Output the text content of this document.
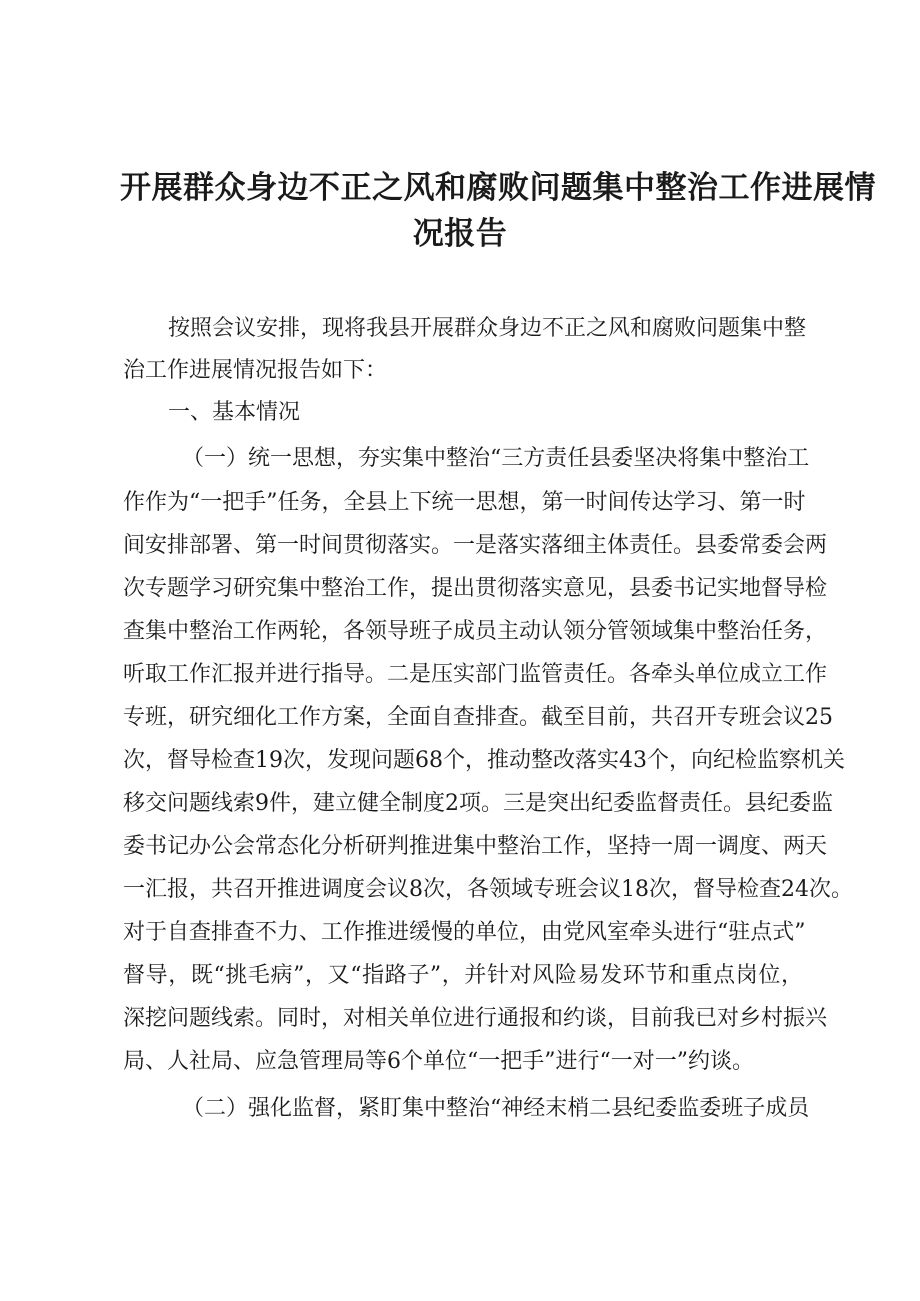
开展群众身边不正之风和腐败问题集中整治工作进展情
况报告

按照会议安排，现将我县开展群众身边不正之风和腐败问题集中整

治工作进展情况报告如下：

一、基本情况

（一）统一思想，夯实集中整治“三方责任县委坚决将集中整治工

作作为“一把手”任务，全县上下统一思想，第一时间传达学习、第一时

间安排部署、第一时间贯彻落实。一是落实落细主体责任。县委常委会两

次专题学习研究集中整治工作，提出贯彻落实意见，县委书记实地督导检

查集中整治工作两轮，各领导班子成员主动认领分管领域集中整治任务，

听取工作汇报并进行指导。二是压实部门监管责任。各牵头单位成立工作

专班，研究细化工作方案，全面自查排查。截至目前，共召开专班会议25

次，督导检查19次，发现问题68个，推动整改落实43个，向纪检监察机关

移交问题线索9件，建立健全制度2项。三是突出纪委监督责任。县纪委监

委书记办公会常态化分析研判推进集中整治工作，坚持一周一调度、两天

一汇报，共召开推进调度会议8次，各领域专班会议18次，督导检查24次。

对于自查排查不力、工作推进缓慢的单位，由党风室牵头进行“驻点式”

督导，既“挑毛病”，又“指路子”，并针对风险易发环节和重点岗位，

深挖问题线索。同时，对相关单位进行通报和约谈，目前我已对乡村振兴

局、人社局、应急管理局等6个单位“一把手”进行“一对一”约谈。

（二）强化监督，紧盯集中整治“神经末梢二县纪委监委班子成员
